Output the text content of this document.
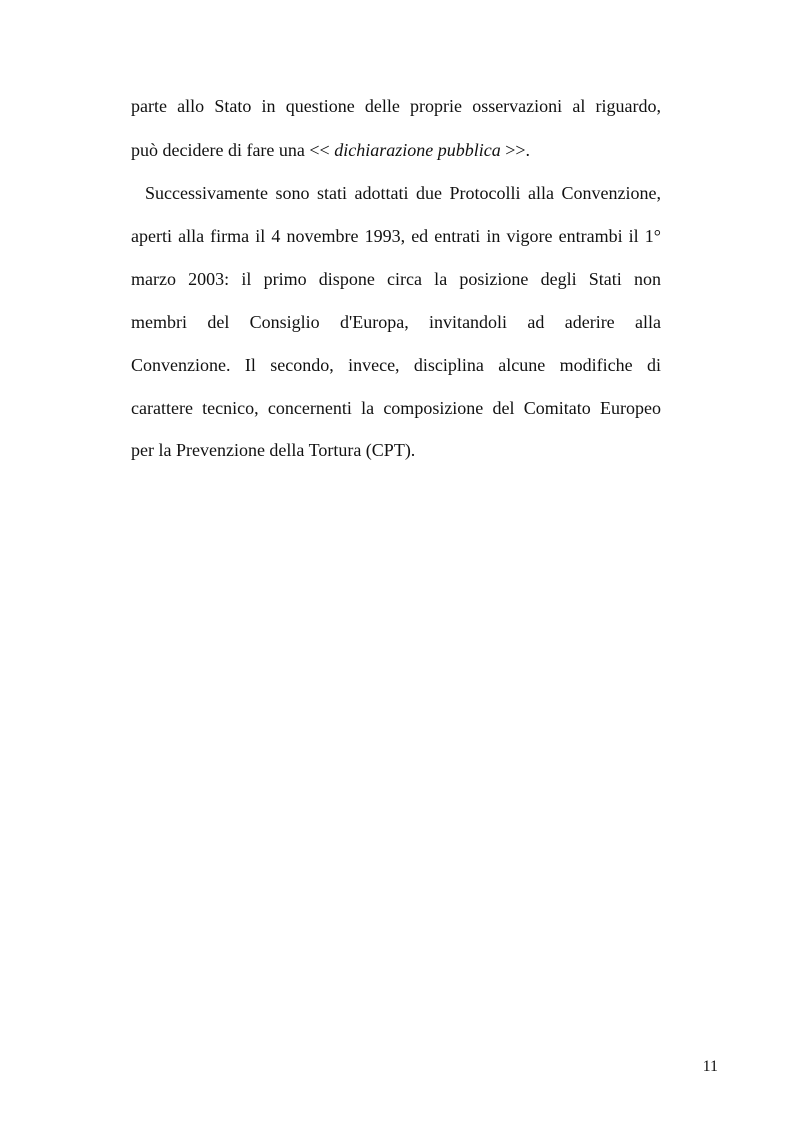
parte allo Stato in questione delle proprie osservazioni al riguardo,
può decidere di fare una << dichiarazione pubblica >>.
Successivamente sono stati adottati due Protocolli alla Convenzione,
aperti alla firma il 4 novembre 1993, ed entrati in vigore entrambi il 1°
marzo 2003: il primo dispone circa la posizione degli Stati non
membri del Consiglio d'Europa, invitandoli ad aderire alla
Convenzione. Il secondo, invece, disciplina alcune modifiche di
carattere tecnico, concernenti la composizione del Comitato Europeo
per la Prevenzione della Tortura (CPT).
11
